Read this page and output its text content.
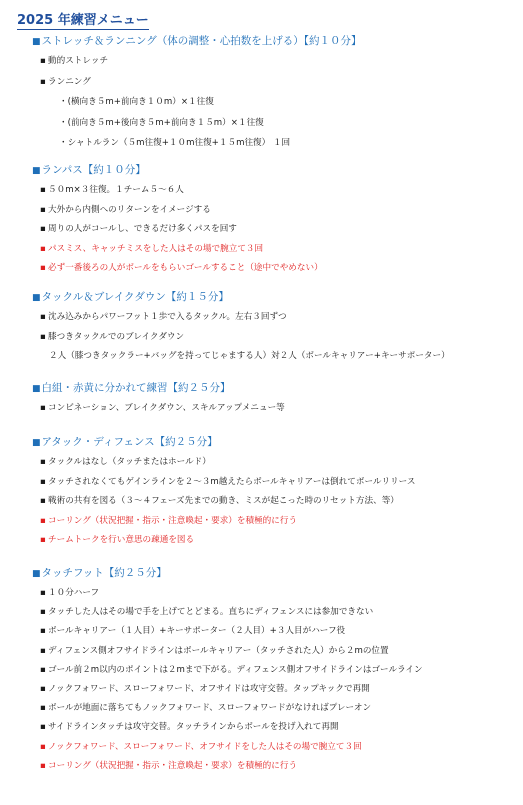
2025 年練習メニュー
■ストレッチ＆ランニング（体の調整・心拍数を上げる）【約１０分】
■ランパス【約１０分】
■タックル＆ブレイクダウン【約１５分】
■白組・赤黄に分かれて練習【約２５分】
■アタック・ディフェンス【約２５分】
■タッチフット【約２５分】
▪ 動的ストレッチ
▪ ランニング
・(横向き５m+前向き１０m）×１往復
・(前向き５m+後向き５m+前向き１５m）×１往復
・シャトルラン（５m往復+１０m往復+１５m往復） １回
▪ ５０m×３往復。１チーム５～６人
▪ 大外から内側へのリターンをイメージする
▪ 周りの人がコールし、できるだけ多くパスを回す
▪ パスミス、キャッチミスをした人はその場で腕立て３回
▪ 必ず一番後ろの人がボールをもらいゴールすること（途中でやめない）
▪ 沈み込みからパワーフット１歩で入るタックル。左右３回ずつ
▪ 膝つきタックルでのブレイクダウン
２人（膝つきタックラー+バッグを持ってじゃまする人）対２人（ボールキャリアー+キーサポーター）
▪ コンビネーション、ブレイクダウン、スキルアップメニュー等
▪ タックルはなし（タッチまたはホールド）
▪ タッチされなくてもゲインラインを２～３m越えたらボールキャリアーは倒れてボールリリース
▪ 戦術の共有を図る（３～４フェーズ先までの動き、ミスが起こった時のリセット方法、等）
▪ コーリング（状況把握・指示・注意喚起・要求）を積極的に行う
▪ チームトークを行い意思の疎通を図る
▪ １０分ハーフ
▪ タッチした人はその場で手を上げてとどまる。直ちにディフェンスには参加できない
▪ ボールキャリアー（１人目）+キーサポーター（２人目）+３人目がハーフ役
▪ ディフェンス側オフサイドラインはボールキャリアー（タッチされた人）から２mの位置
▪ ゴール前２m以内のポイントは２mまで下がる。ディフェンス側オフサイドラインはゴールライン
▪ ノックフォワード、スローフォワード、オフサイドは攻守交替。タップキックで再開
▪ ボールが地面に落ちてもノックフォワード、スローフォワードがなければプレーオン
▪ サイドラインタッチは攻守交替。タッチラインからボールを投げ入れて再開
▪ ノックフォワード、スローフォワード、オフサイドをした人はその場で腕立て３回
▪ コーリング（状況把握・指示・注意喚起・要求）を積極的に行う
